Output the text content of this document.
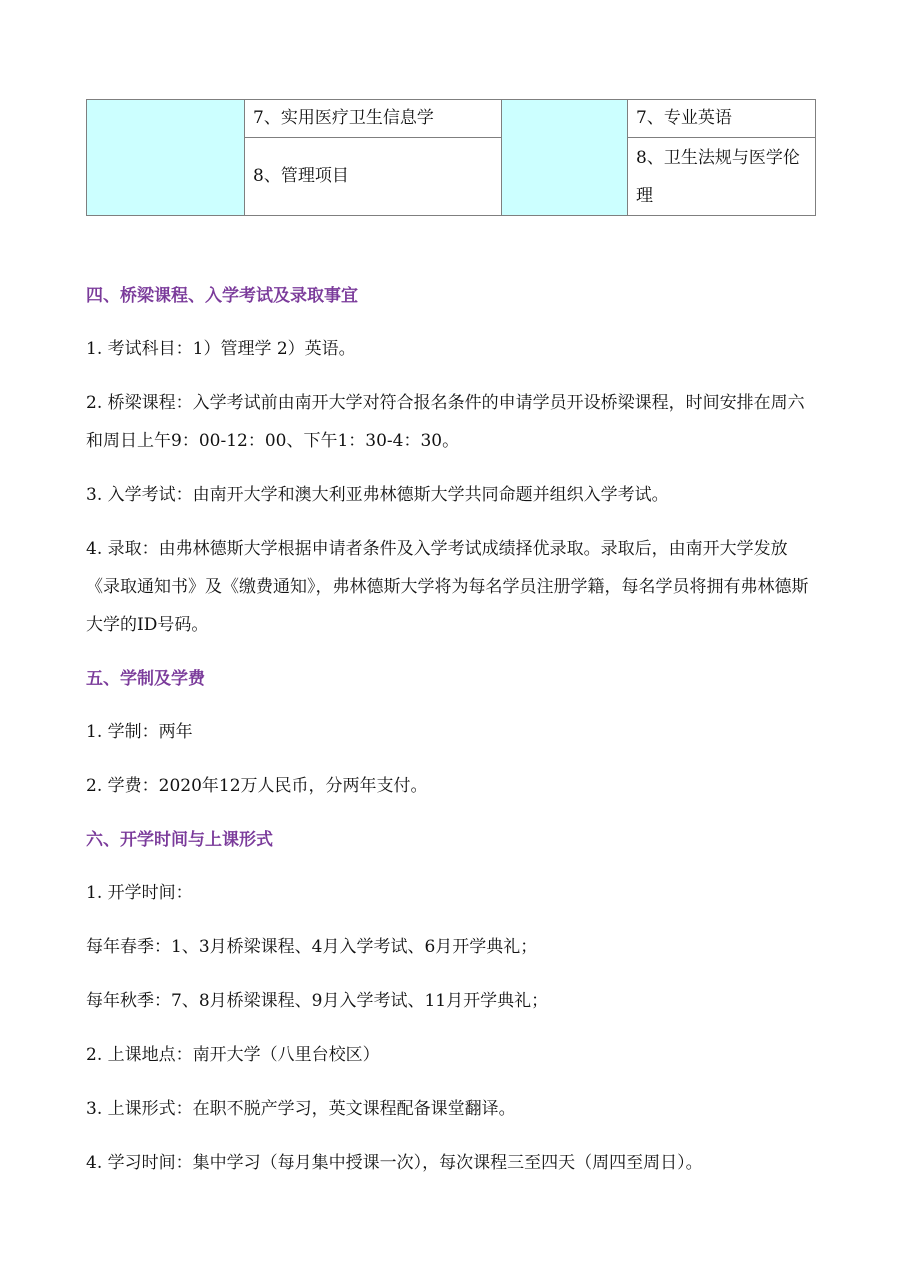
	7、实用医疗卫生信息学		7、专业英语
	8、管理项目		8、卫生法规与医学伦理

四、桥梁课程、入学考试及录取事宜

1. 考试科目：1）管理学 2）英语。

2. 桥梁课程：入学考试前由南开大学对符合报名条件的申请学员开设桥梁课程，时间安排在周六和周日上午9：00-12：00、下午1：30-4：30。

3. 入学考试：由南开大学和澳大利亚弗林德斯大学共同命题并组织入学考试。

4. 录取：由弗林德斯大学根据申请者条件及入学考试成绩择优录取。录取后，由南开大学发放《录取通知书》及《缴费通知》，弗林德斯大学将为每名学员注册学籍，每名学员将拥有弗林德斯大学的ID号码。

五、学制及学费

1. 学制：两年

2. 学费：2020年12万人民币，分两年支付。

六、开学时间与上课形式

1. 开学时间：

每年春季：1、3月桥梁课程、4月入学考试、6月开学典礼；

每年秋季：7、8月桥梁课程、9月入学考试、11月开学典礼；

2. 上课地点：南开大学（八里台校区）

3. 上课形式：在职不脱产学习，英文课程配备课堂翻译。

4. 学习时间：集中学习（每月集中授课一次），每次课程三至四天（周四至周日）。
